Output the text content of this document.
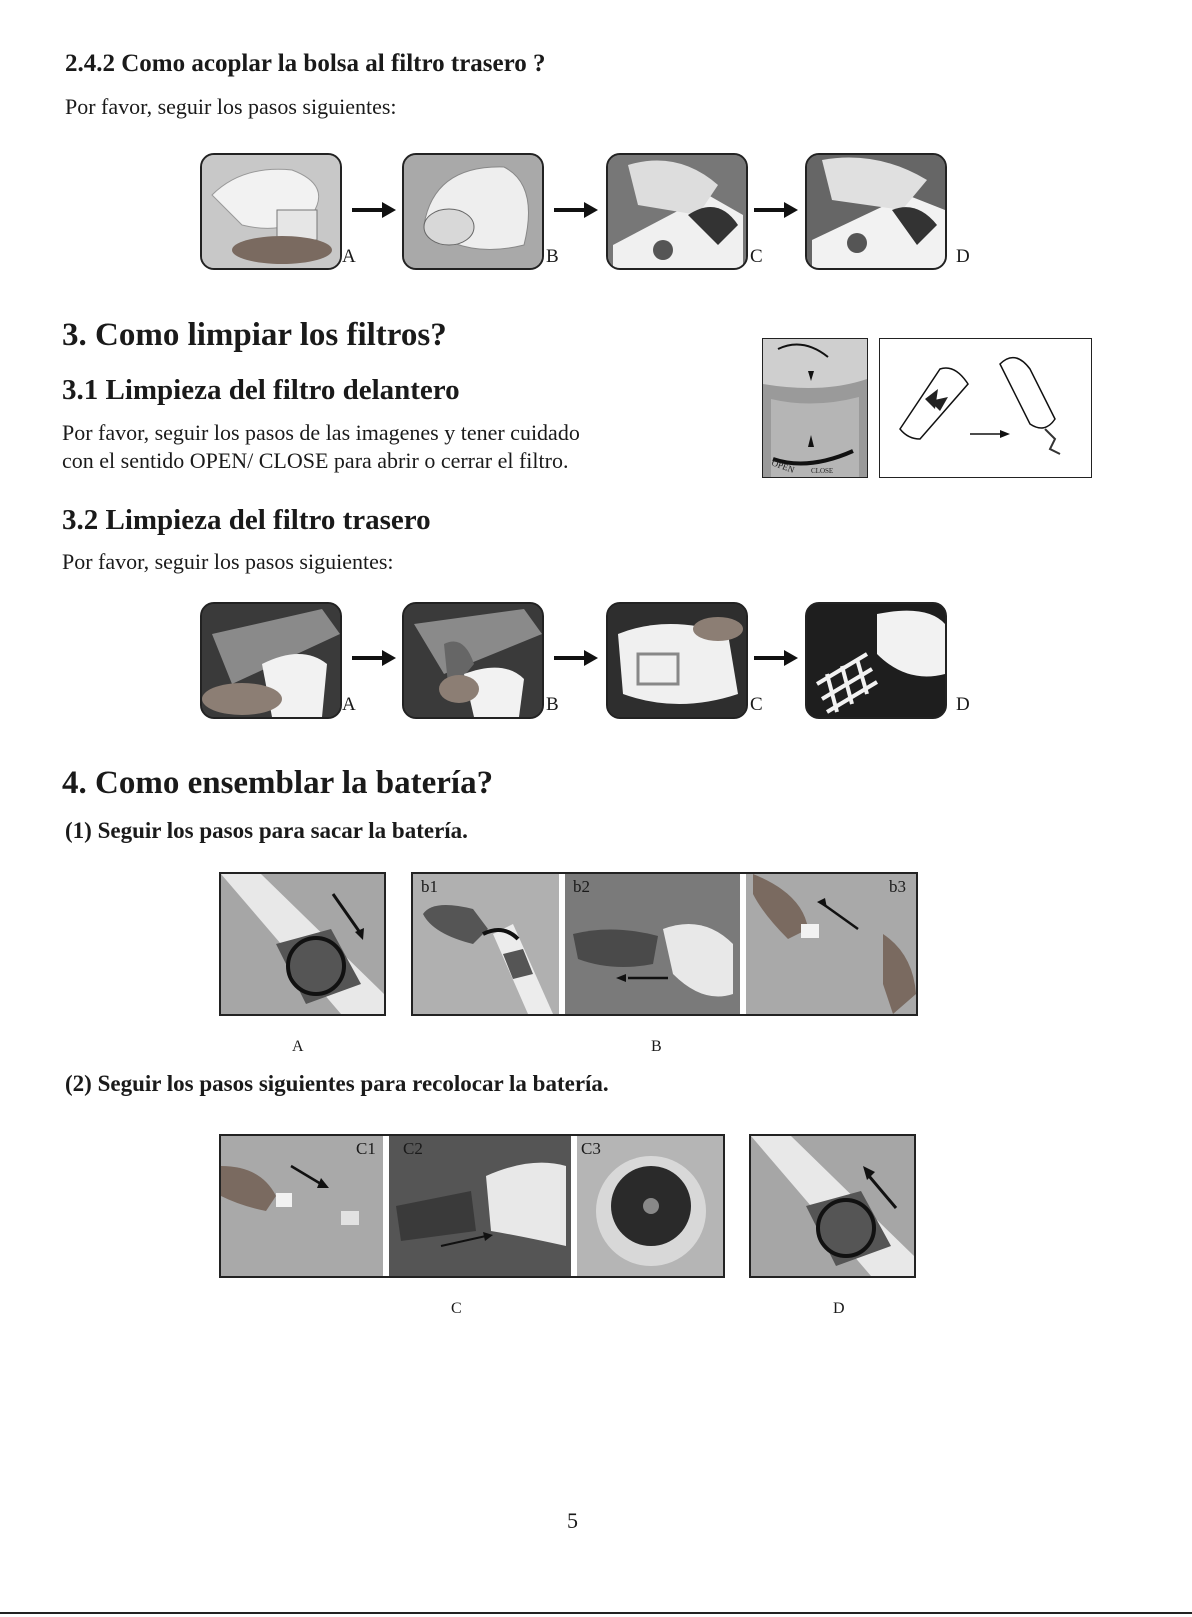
2.4.2 Como acoplar la bolsa al filtro trasero ?
Por favor, seguir los pasos siguientes:
A	B	C	D
3. Como limpiar los filtros?
3.1 Limpieza del filtro delantero
Por favor, seguir los pasos de las imagenes y tener cuidado
con el sentido OPEN/ CLOSE para abrir o cerrar el filtro.	OPEN CLOSE
3.2 Limpieza del filtro trasero
Por favor, seguir los pasos siguientes:
A	B	C	D
4. Como ensemblar la batería?
(1) Seguir los pasos para sacar la batería.
b1	b2	b3
A	B
(2) Seguir los pasos siguientes para recolocar la batería.
C1 C2	C3
C	D
5
